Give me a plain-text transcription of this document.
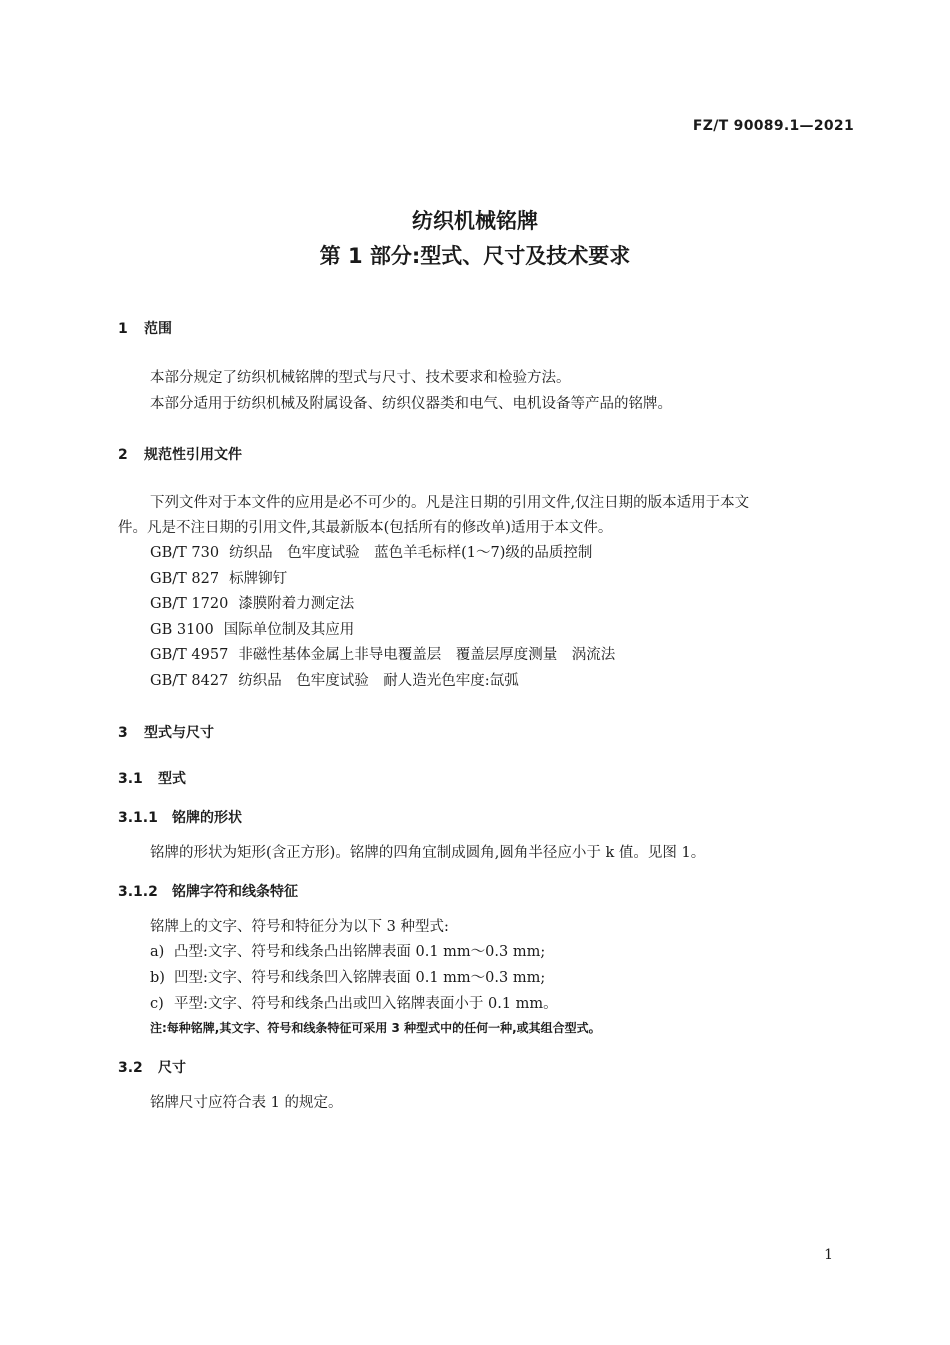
FZ/T 90089.1—2021
纺织机械铭牌
第 1 部分:型式、尺寸及技术要求
1 范围
本部分规定了纺织机械铭牌的型式与尺寸、技术要求和检验方法。
本部分适用于纺织机械及附属设备、纺织仪器类和电气、电机设备等产品的铭牌。
2 规范性引用文件
下列文件对于本文件的应用是必不可少的。凡是注日期的引用文件,仅注日期的版本适用于本文
件。凡是不注日期的引用文件,其最新版本(包括所有的修改单)适用于本文件。
GB/T 730 纺织品　色牢度试验　蓝色羊毛标样(1～7)级的品质控制
GB/T 827 标牌铆钉
GB/T 1720 漆膜附着力测定法
GB 3100 国际单位制及其应用
GB/T 4957 非磁性基体金属上非导电覆盖层　覆盖层厚度测量　涡流法
GB/T 8427 纺织品　色牢度试验　耐人造光色牢度:氙弧
3 型式与尺寸
3.1 型式
3.1.1 铭牌的形状
铭牌的形状为矩形(含正方形)。铭牌的四角宜制成圆角,圆角半径应小于 k 值。见图 1。
3.1.2 铭牌字符和线条特征
铭牌上的文字、符号和特征分为以下 3 种型式:
a) 凸型:文字、符号和线条凸出铭牌表面 0.1 mm～0.3 mm;
b) 凹型:文字、符号和线条凹入铭牌表面 0.1 mm～0.3 mm;
c) 平型:文字、符号和线条凸出或凹入铭牌表面小于 0.1 mm。
注:每种铭牌,其文字、符号和线条特征可采用 3 种型式中的任何一种,或其组合型式。
3.2 尺寸
铭牌尺寸应符合表 1 的规定。
1
